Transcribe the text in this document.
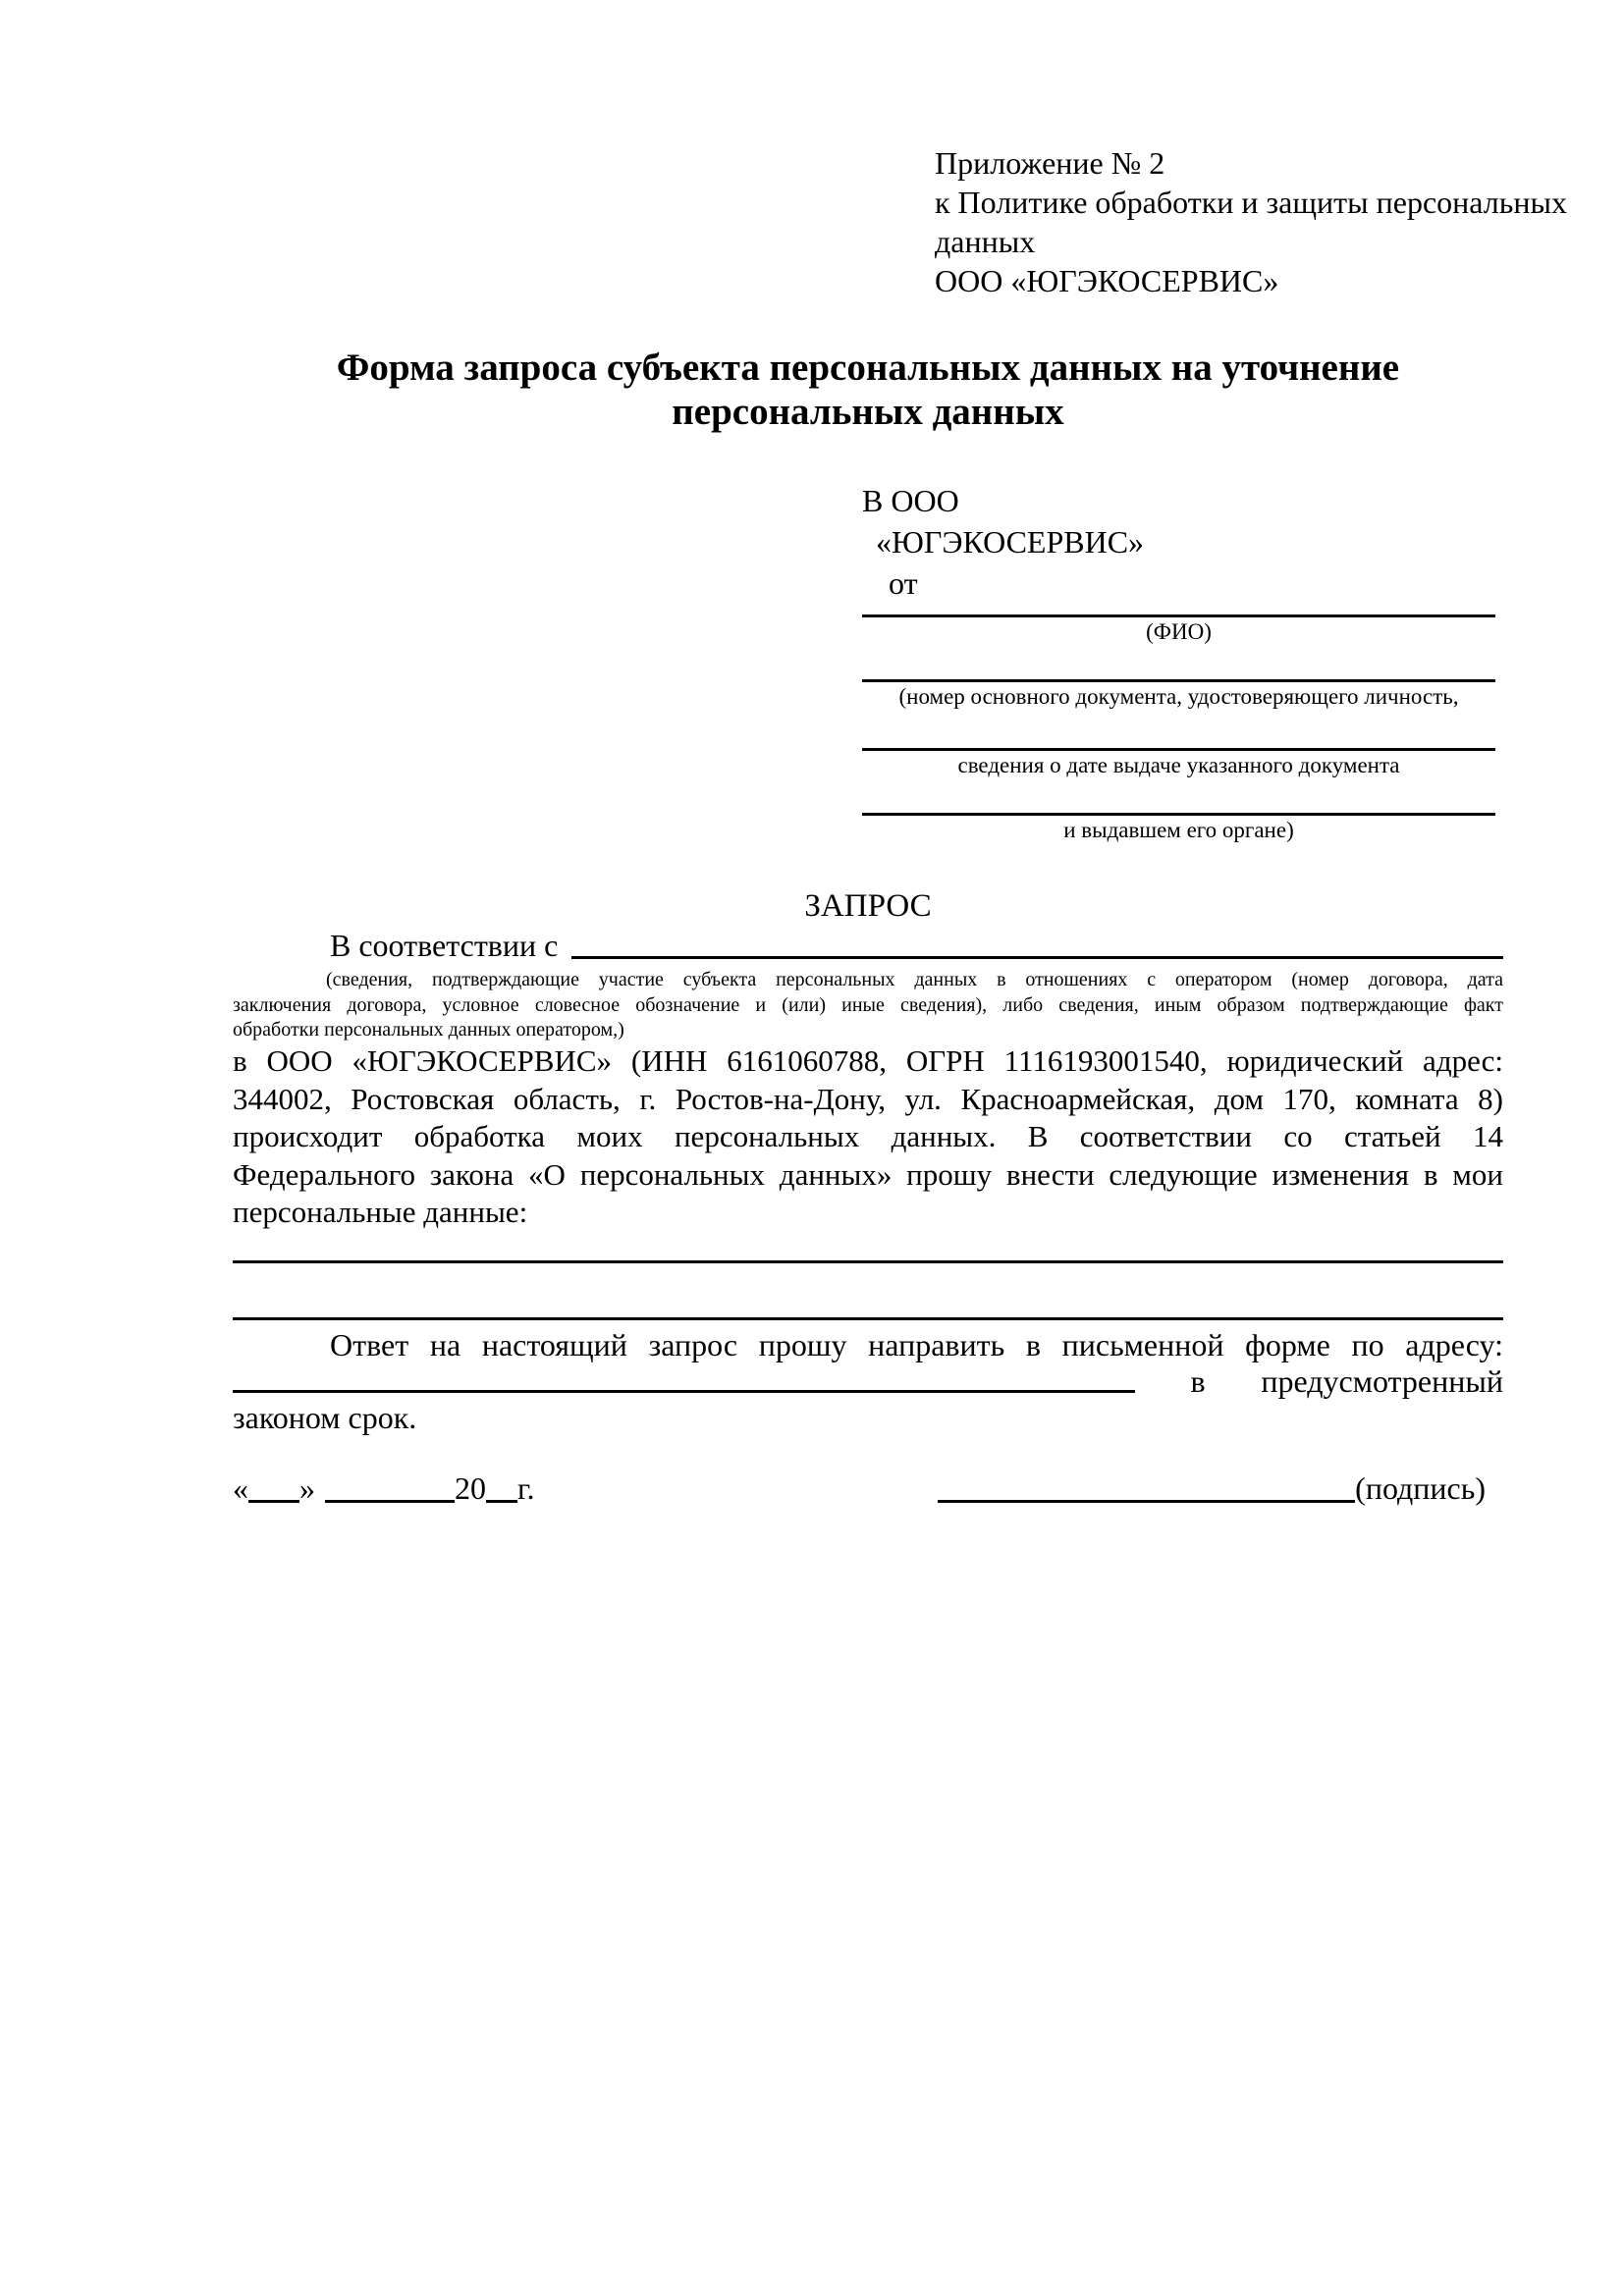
Приложение № 2
к Политике обработки и защиты персональных
данных
ООО «ЮГЭКОСЕРВИС»
Форма запроса субъекта персональных данных на уточнение
персональных данных
В ООО
«ЮГЭКОСЕРВИС»
от
(ФИО)
(номер основного документа, удостоверяющего личность,
сведения о дате выдаче указанного документа
и выдавшем его органе)
ЗАПРОС
В соответствии с
(сведения, подтверждающие участие субъекта персональных данных в отношениях с оператором (номер договора, дата
заключения договора, условное словесное обозначение и (или) иные сведения), либо сведения, иным образом подтверждающие факт
обработки персональных данных оператором,)
в ООО «ЮГЭКОСЕРВИС» (ИНН 6161060788, ОГРН 1116193001540, юридический адрес:
344002, Ростовская область, г. Ростов-на-Дону, ул. Красноармейская, дом 170, комната 8)
происходит обработка моих персональных данных. В соответствии со статьей 14
Федерального закона «О персональных данных» прошу внести следующие изменения в мои
персональные данные:
Ответ на настоящий запрос прошу направить в письменной форме по адресу:
в предусмотренный
законом срок.
« »	20 г.	(подпись)
